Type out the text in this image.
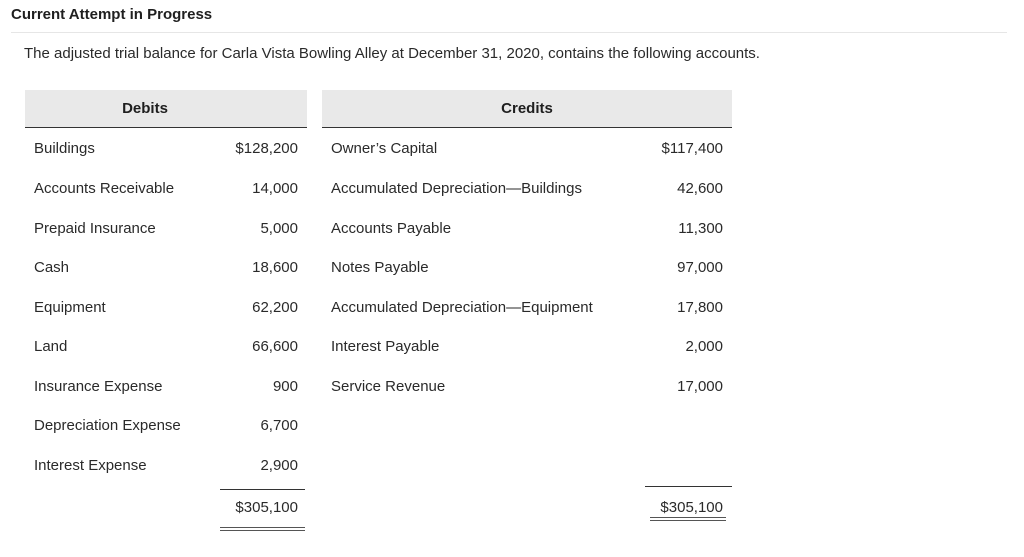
Current Attempt in Progress
The adjusted trial balance for Carla Vista Bowling Alley at December 31, 2020, contains the following accounts.
Debits	Credits
Buildings	$128,200 Owner’s Capital	$117,400
Accounts Receivable	14,000 Accumulated Depreciation—Buildings	42,600
Prepaid Insurance	5,000 Accounts Payable	11,300
Cash	18,600 Notes Payable	97,000
Equipment	62,200 Accumulated Depreciation—Equipment	17,800
Land	66,600 Interest Payable	2,000
Insurance Expense	900 Service Revenue	17,000
Depreciation Expense	6,700
Interest Expense	2,900
$305,100	$305,100
